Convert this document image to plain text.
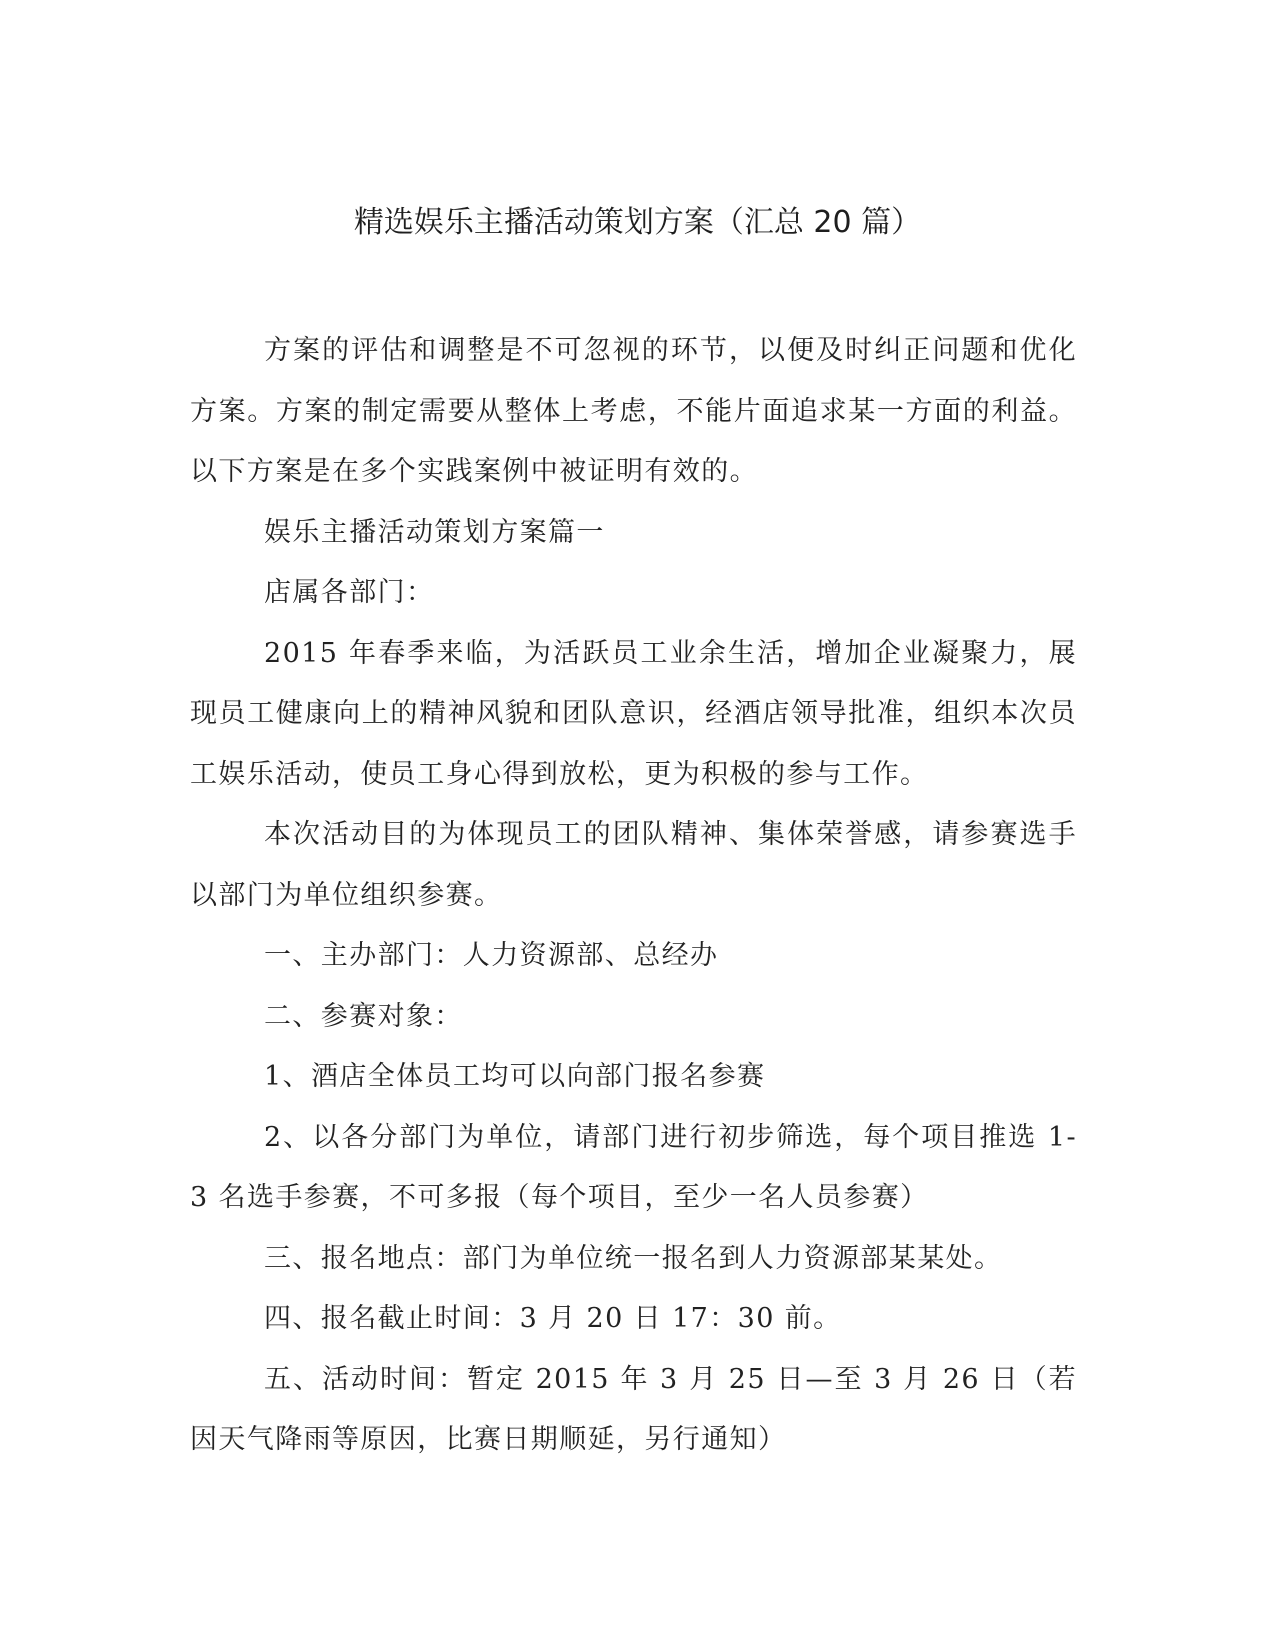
精选娱乐主播活动策划方案（汇总 20 篇）

方案的评估和调整是不可忽视的环节，以便及时纠正问题和优化方案。方案的制定需要从整体上考虑，不能片面追求某一方面的利益。以下方案是在多个实践案例中被证明有效的。

娱乐主播活动策划方案篇一

店属各部门：

2015 年春季来临，为活跃员工业余生活，增加企业凝聚力，展现员工健康向上的精神风貌和团队意识，经酒店领导批准，组织本次员工娱乐活动，使员工身心得到放松，更为积极的参与工作。

本次活动目的为体现员工的团队精神、集体荣誉感，请参赛选手以部门为单位组织参赛。

一、主办部门：人力资源部、总经办

二、参赛对象：

1、酒店全体员工均可以向部门报名参赛

2、以各分部门为单位，请部门进行初步筛选，每个项目推选 1-3 名选手参赛，不可多报（每个项目，至少一名人员参赛）

三、报名地点：部门为单位统一报名到人力资源部某某处。

四、报名截止时间：3 月 20 日 17：30 前。

五、活动时间：暂定 2015 年 3 月 25 日—至 3 月 26 日（若因天气降雨等原因，比赛日期顺延，另行通知）
